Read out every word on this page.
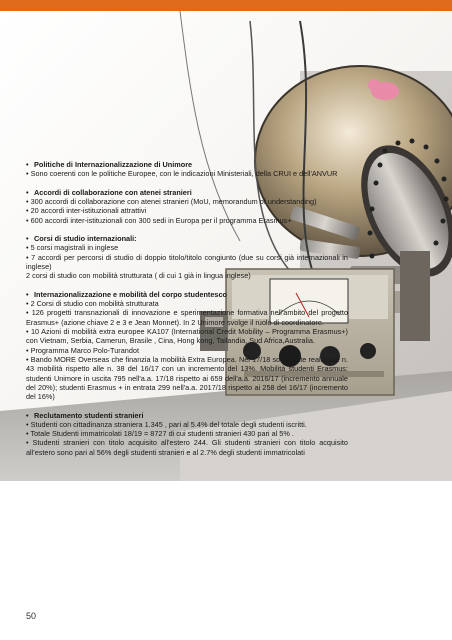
• Politiche di Internazionalizzazione di Unimore
• Sono coerenti con le politiche Europee, con le indicazioni Ministeriali, della CRUI e dell'ANVUR
• Accordi di collaborazione con atenei stranieri
• 300 accordi di collaborazione con atenei stranieri (MoU, memorandum of understanding)
• 20 accordi inter-istituzionali attrattivi
• 600 accordi inter-istituzionali con 300 sedi in Europa per il programma Erasmus+
• Corsi di studio internazionali:
• 5 corsi magistrali in inglese
• 7 accordi per percorsi di studio di doppio titolo/titolo congiunto (due su corsi già internazionali in inglese)
2 corsi di studio con mobilità strutturata ( di cui 1 già in lingua inglese)
• Internazionalizzazione e mobilità del corpo studentesco
• 2 Corsi di studio con mobilità strutturata
• 126 progetti transnazionali di innovazione e sperimentazione formativa nell'ambito del progetto Erasmus+ (azione chiave 2 e 3 e Jean Monnet). In 2 Unimore svolge il ruolo di coordinatore.
• 10 Azioni di mobilità extra europee KA107 (International Credit Mobility – Programma Erasmus+) con Vietnam, Serbia, Camerun, Brasile , Cina, Hong kong, Tailandia, Sud Africa,Australia.
• Programma Marco Polo-Turandot
• Bando MORE Overseas che finanzia la mobilità Extra Europea. Nel 17/18 sono state realizzate n. 43 mobilità rispetto alle n. 38 del 16/17 con un incremento del 13%. Mobilità studenti Erasmus: studenti Unimore in uscita 795 nell'a.a. 17/18 rispetto ai 659 dell'a.a. 2016/17 (incremento annuale del 20%); studenti Erasmus + in entrata 299 nell'a.a. 2017/18 rispetto ai 258 del 16/17 (incremento del 16%)
• Reclutamento studenti stranieri
• Studenti con cittadinanza straniera 1.345 , pari al 5.4% del totale degli studenti iscritti.
• Totale Studenti immatricolati 18/19 = 8727 di cui studenti stranieri 430 pari al 5% .
• Studenti stranieri con titolo acquisito all'estero 244. Gli studenti stranieri con titolo acquisito all'estero sono pari al 56% degli studenti stranieri e al 2.7% degli studenti immatricolati
50
